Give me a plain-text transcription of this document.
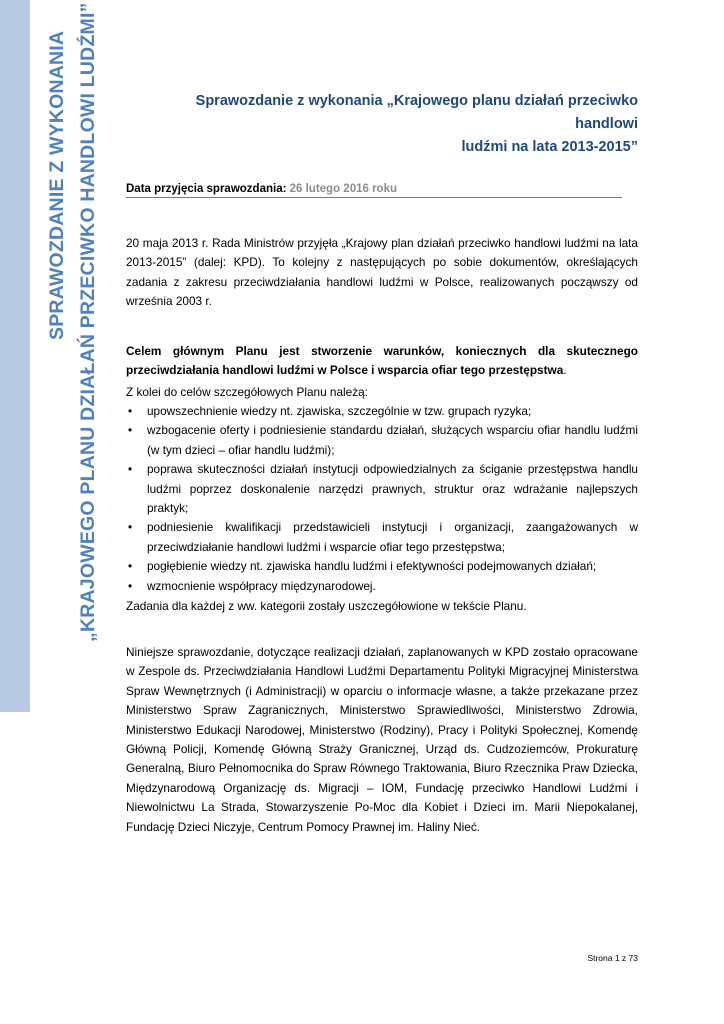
SPRAWOZDANIE Z WYKONANIA „KRAJOWEGO PLANU DZIAŁAŃ PRZECIWKO HANDLOWI LUDŹMI”	Sprawozdanie z wykonania „Krajowego planu działań przeciwko handlowi
ludźmi na lata 2013-2015”
Data przyjęcia sprawozdania: 26 lutego 2016 roku
20 maja 2013 r. Rada Ministrów przyjęła „Krajowy plan działań przeciwko handlowi ludźmi na lata 2013-2015” (dalej: KPD). To kolejny z następujących po sobie dokumentów, określających zadania z zakresu przeciwdziałania handlowi ludźmi w Polsce, realizowanych począwszy od września 2003 r.
Celem głównym Planu jest stworzenie warunków, koniecznych dla skutecznego przeciwdziałania handlowi ludźmi w Polsce i wsparcia ofiar tego przestępstwa.
Z kolei do celów szczegółowych Planu należą:
• upowszechnienie wiedzy nt. zjawiska, szczególnie w tzw. grupach ryzyka;
• wzbogacenie oferty i podniesienie standardu działań, służących wsparciu ofiar handlu ludźmi (w tym dzieci – ofiar handlu ludźmi);
• poprawa skuteczności działań instytucji odpowiedzialnych za ściganie przestępstwa handlu ludźmi poprzez doskonalenie narzędzi prawnych, struktur oraz wdrażanie najlepszych praktyk;
• podniesienie kwalifikacji przedstawicieli instytucji i organizacji, zaangażowanych w przeciwdziałanie handlowi ludźmi i wsparcie ofiar tego przestępstwa;
• pogłębienie wiedzy nt. zjawiska handlu ludźmi i efektywności podejmowanych działań;
• wzmocnienie współpracy międzynarodowej.
Zadania dla każdej z ww. kategorii zostały uszczegółowione w tekście Planu.
Niniejsze sprawozdanie, dotyczące realizacji działań, zaplanowanych w KPD zostało opracowane w Zespole ds. Przeciwdziałania Handlowi Ludźmi Departamentu Polityki Migracyjnej Ministerstwa Spraw Wewnętrznych (i Administracji) w oparciu o informacje własne, a także przekazane przez Ministerstwo Spraw Zagranicznych, Ministerstwo Sprawiedliwości, Ministerstwo Zdrowia, Ministerstwo Edukacji Narodowej, Ministerstwo (Rodziny), Pracy i Polityki Społecznej, Komendę Główną Policji, Komendę Główną Straży Granicznej, Urząd ds. Cudzoziemców, Prokuraturę Generalną, Biuro Pełnomocnika do Spraw Równego Traktowania, Biuro Rzecznika Praw Dziecka, Międzynarodową Organizację ds. Migracji – IOM, Fundację przeciwko Handlowi Ludźmi i Niewolnictwu La Strada, Stowarzyszenie Po-Moc dla Kobiet i Dzieci im. Marii Niepokalanej, Fundację Dzieci Niczyje, Centrum Pomocy Prawnej im. Haliny Nieć.
Strona 1 z 73
